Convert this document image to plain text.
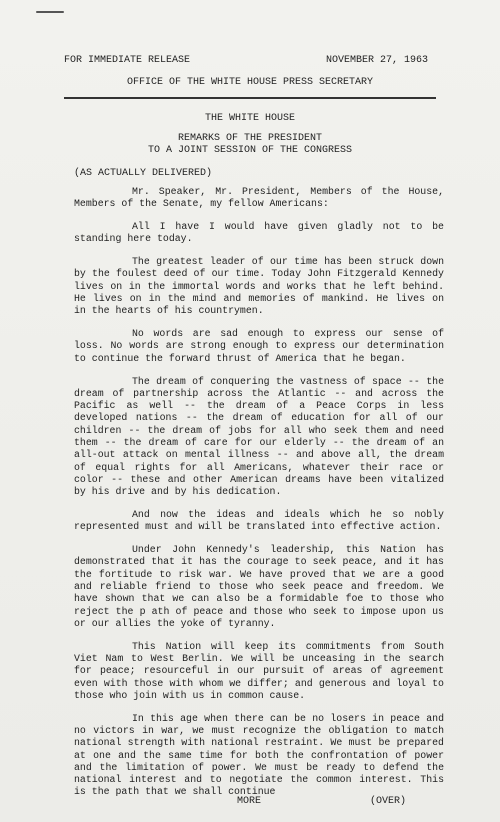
FOR IMMEDIATE RELEASE	NOVEMBER 27, 1963
OFFICE OF THE WHITE HOUSE PRESS SECRETARY
THE WHITE HOUSE
REMARKS OF THE PRESIDENT
TO A JOINT SESSION OF THE CONGRESS
(AS ACTUALLY DELIVERED)

Mr. Speaker, Mr. President, Members of the House, Members of the Senate, my fellow Americans:

All I have I would have given gladly not to be standing here today.

The greatest leader of our time has been struck down by the foulest deed of our time. Today John Fitzgerald Kennedy lives on in the immortal words and works that he left behind. He lives on in the mind and memories of mankind. He lives on in the hearts of his countrymen.

No words are sad enough to express our sense of loss. No words are strong enough to express our determination to continue the forward thrust of America that he began.

The dream of conquering the vastness of space -- the dream of partnership across the Atlantic -- and across the Pacific as well -- the dream of a Peace Corps in less developed nations -- the dream of education for all of our children -- the dream of jobs for all who seek them and need them -- the dream of care for our elderly -- the dream of an all-out attack on mental illness -- and above all, the dream of equal rights for all Americans, whatever their race or color -- these and other American dreams have been vitalized by his drive and by his dedication.

And now the ideas and ideals which he so nobly represented must and will be translated into effective action.

Under John Kennedy's leadership, this Nation has demonstrated that it has the courage to seek peace, and it has the fortitude to risk war. We have proved that we are a good and reliable friend to those who seek peace and freedom. We have shown that we can also be a formidable foe to those who reject the p ath of peace and those who seek to impose upon us or our allies the yoke of tyranny.

This Nation will keep its commitments from South Viet Nam to West Berlin. We will be unceasing in the search for peace; resourceful in our pursuit of areas of agreement even with those with whom we differ; and generous and loyal to those who join with us in common cause.

In this age when there can be no losers in peace and no victors in war, we must recognize the obligation to match national strength with national restraint. We must be prepared at one and the same time for both the confrontation of power and the limitation of power. We must be ready to defend the national interest and to negotiate the common interest. This is the path that we shall continue

MORE	(OVER)
